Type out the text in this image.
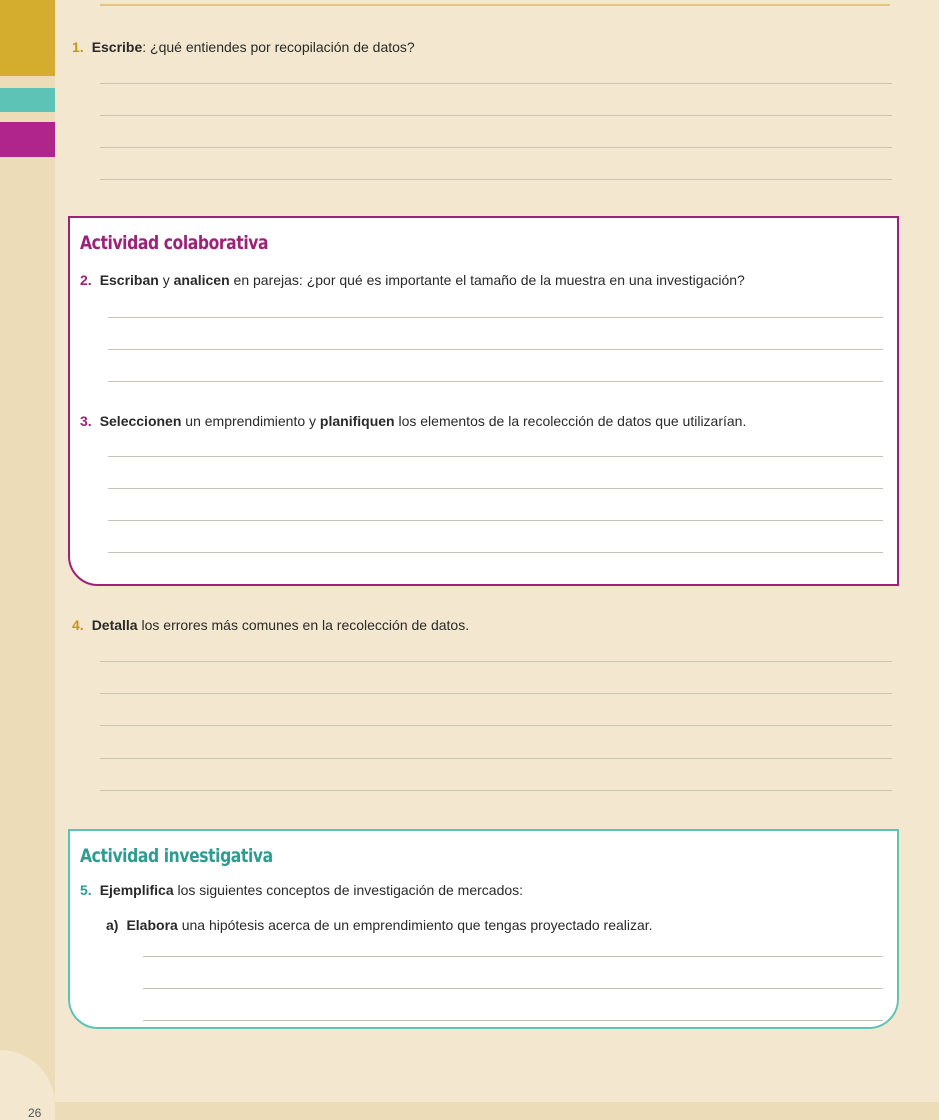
1. Escribe: ¿qué entiendes por recopilación de datos?
Actividad colaborativa
2. Escriban y analicen en parejas: ¿por qué es importante el tamaño de la muestra en una investigación?
3. Seleccionen un emprendimiento y planifiquen los elementos de la recolección de datos que utilizarían.
4. Detalla los errores más comunes en la recolección de datos.
Actividad investigativa
5. Ejemplifica los siguientes conceptos de investigación de mercados:
a) Elabora una hipótesis acerca de un emprendimiento que tengas proyectado realizar.
26
